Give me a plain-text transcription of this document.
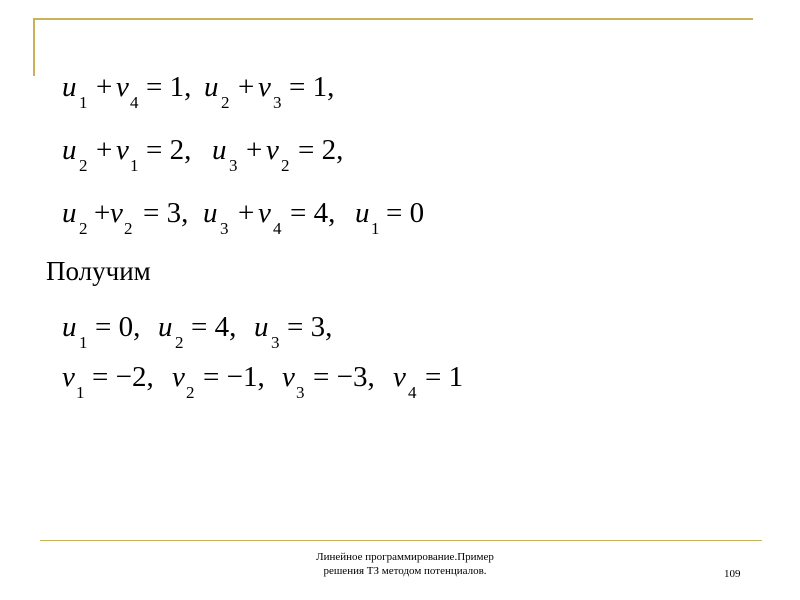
u 1 + v 4 = 1, u 2 + v 3 = 1,
u 2 + v 1 = 2, u 3 + v 2 = 2,
u 2 + v 2 = 3, u 3 + v 4 = 4, u 1 = 0
Получим
u 1 = 0, u 2 = 4, u 3 = 3,
v 1 = −2, v 2 = −1, v 3 = −3, v 4 = 1
Линейное программирование.Пример
решения ТЗ методом потенциалов.	109
